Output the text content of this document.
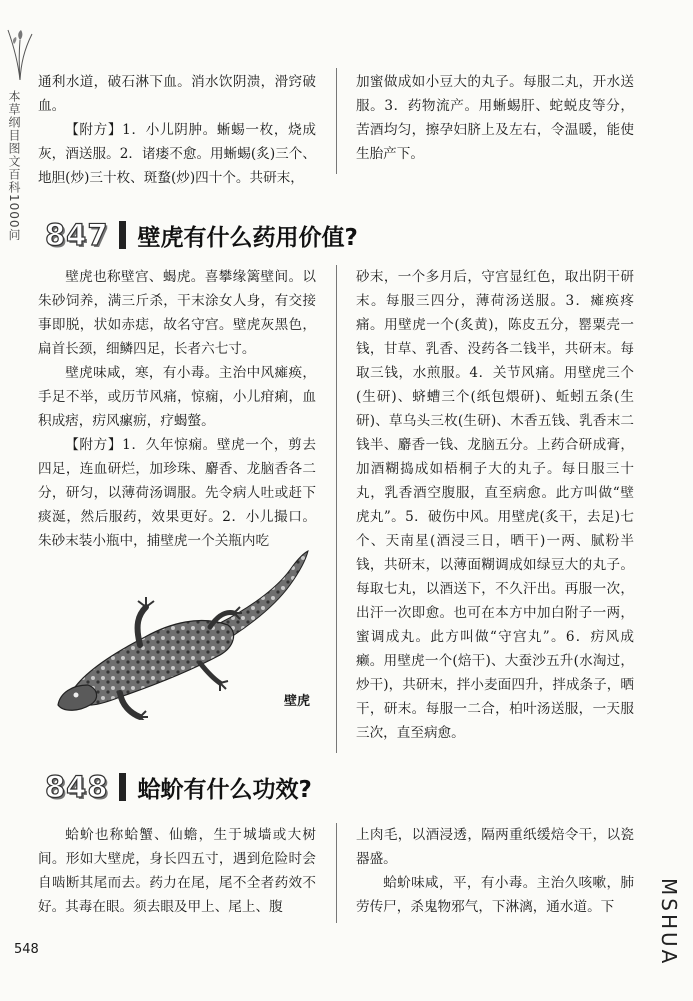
本草纲目图文百科1000问

通利水道，破石淋下血。消水饮阴溃，滑窍破血。

【附方】1．小儿阴肿。蜥蜴一枚，烧成灰，酒送服。2．诸瘘不愈。用蜥蜴(炙)三个、地胆(炒)三十枚、斑蝥(炒)四十个。共研末，

加蜜做成如小豆大的丸子。每服二丸，开水送服。3．药物流产。用蜥蜴肝、蛇蜕皮等分，苦酒均匀，擦孕妇脐上及左右，令温暖，能使生胎产下。

847 壁虎有什么药用价值?

壁虎也称壁宫、蝎虎。喜攀缘篱壁间。以朱砂饲养，满三斤杀，干末涂女人身，有交接事即脱，状如赤痣，故名守宫。壁虎灰黑色，扁首长颈，细鳞四足，长者六七寸。

壁虎味咸，寒，有小毒。主治中风瘫痪，手足不举，或历节风痛，惊痫，小儿疳痢，血积成痞，疠风瘰疬，疗蝎螫。

【附方】1．久年惊痫。壁虎一个，剪去四足，连血研烂，加珍珠、麝香、龙脑香各二分，研匀，以薄荷汤调服。先令病人吐或赶下痰涎，然后服药，效果更好。2．小儿撮口。朱砂末装小瓶中，捕壁虎一个关瓶内吃

壁虎

砂末，一个多月后，守宫显红色，取出阴干研末。每服三四分，薄荷汤送服。3．瘫痪疼痛。用壁虎一个(炙黄)，陈皮五分，罂粟壳一钱，甘草、乳香、没药各二钱半，共研末。每取三钱，水煎服。4．关节风痛。用壁虎三个(生研)、蛴螬三个(纸包煨研)、蚯蚓五条(生研)、草乌头三枚(生研)、木香五钱、乳香末二钱半、麝香一钱、龙脑五分。上药合研成膏，加酒糊捣成如梧桐子大的丸子。每日服三十丸，乳香酒空腹服，直至病愈。此方叫做“壁虎丸”。5．破伤中风。用壁虎(炙干，去足)七个、天南星(酒浸三日，晒干)一两、腻粉半钱，共研末，以薄面糊调成如绿豆大的丸子。每取七丸，以酒送下，不久汗出。再服一次，出汗一次即愈。也可在本方中加白附子一两，蜜调成丸。此方叫做“守宫丸”。6．疠风成癞。用壁虎一个(焙干)、大蚕沙五升(水淘过，炒干)，共研末，拌小麦面四升，拌成条子，晒干，研末。每服一二合，柏叶汤送服，一天服三次，直至病愈。

848 蛤蚧有什么功效?

蛤蚧也称蛤蟹、仙蟾，生于城墙或大树间。形如大壁虎，身长四五寸，遇到危险时会自啮断其尾而去。药力在尾，尾不全者药效不好。其毒在眼。须去眼及甲上、尾上、腹

上肉毛，以酒浸透，隔两重纸缓焙令干，以瓷器盛。

蛤蚧味咸，平，有小毒。主治久咳嗽，肺劳传尸，杀鬼物邪气，下淋漓，通水道。下

548	MSHUA
